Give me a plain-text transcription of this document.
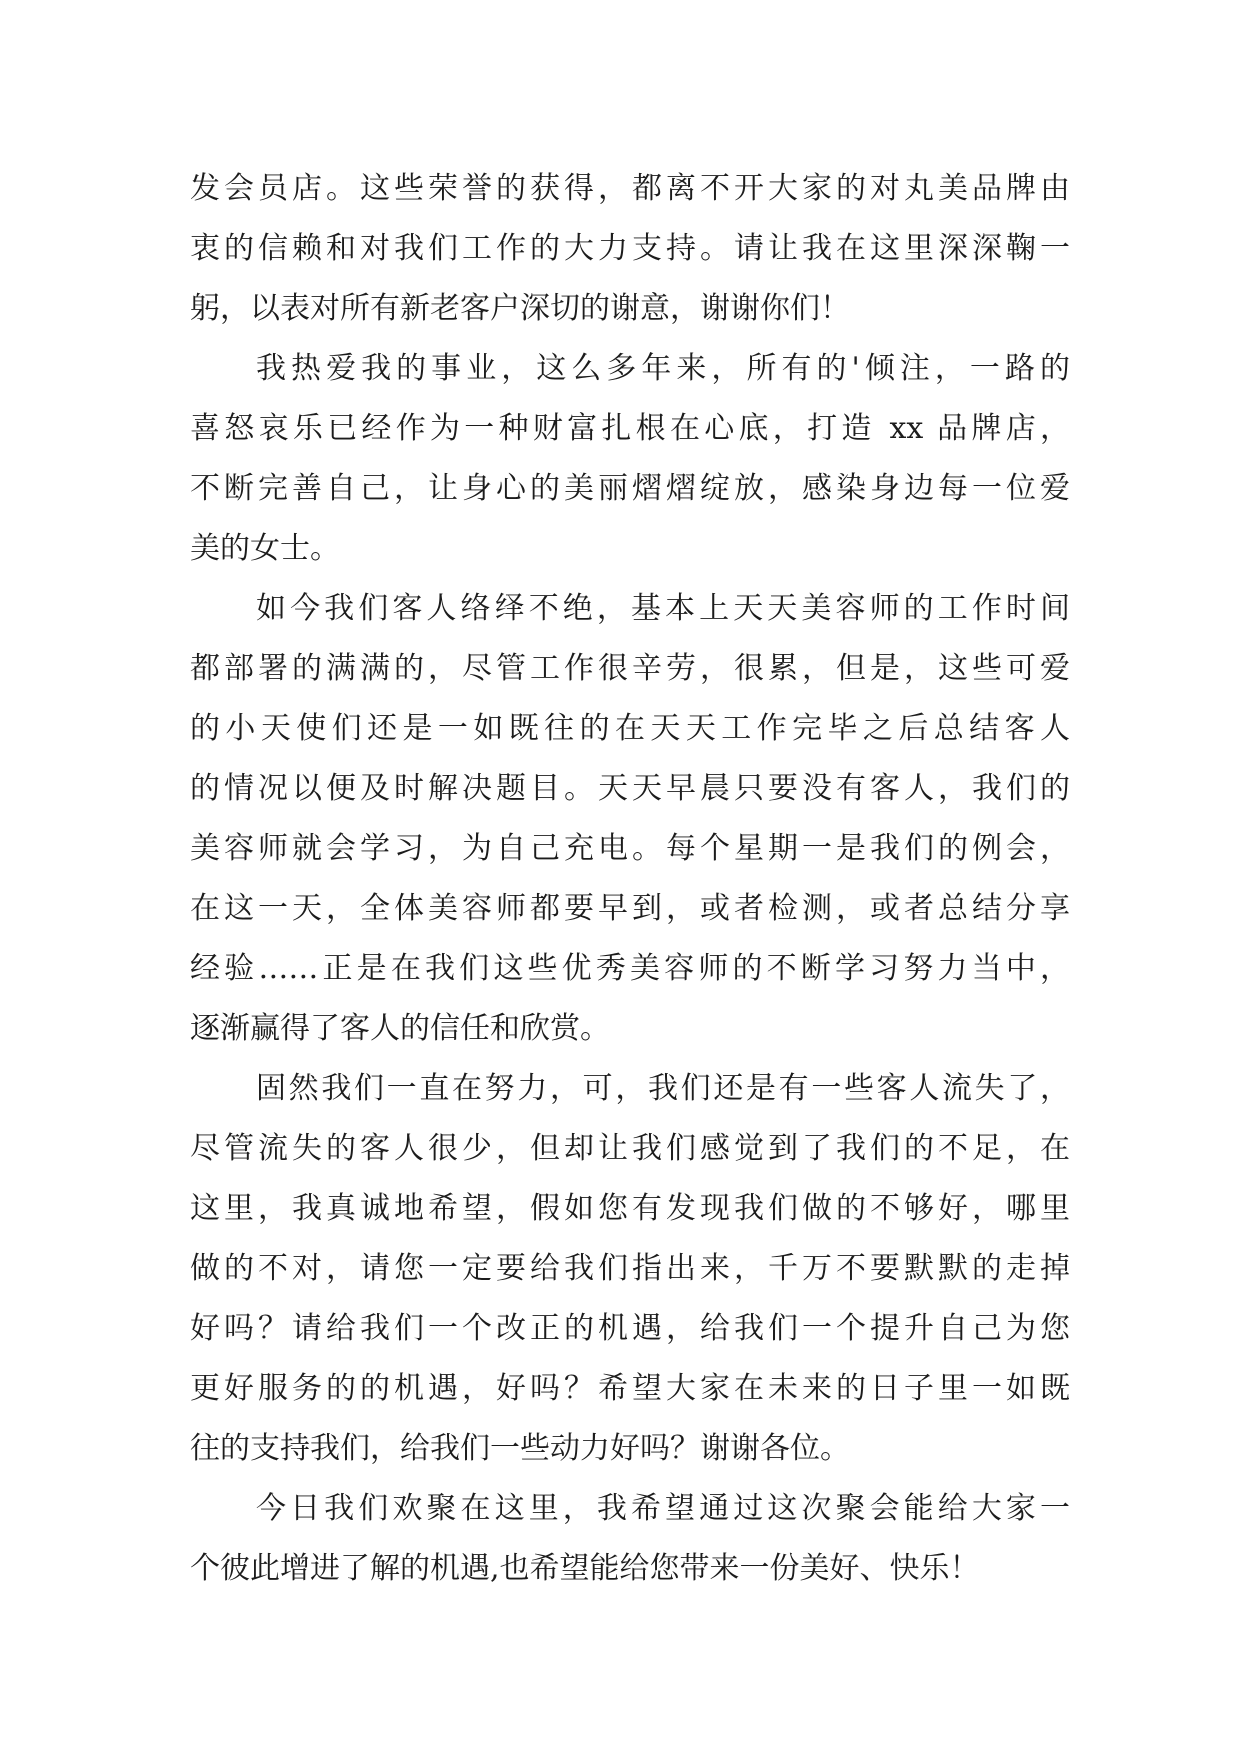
发会员店。这些荣誉的获得，都离不开大家的对丸美品牌由
衷的信赖和对我们工作的大力支持。请让我在这里深深鞠一
躬，以表对所有新老客户深切的谢意，谢谢你们！
我热爱我的事业，这么多年来，所有的'倾注，一路的
喜怒哀乐已经作为一种财富扎根在心底，打造 xx 品牌店，
不断完善自己，让身心的美丽熠熠绽放，感染身边每一位爱
美的女士。
如今我们客人络绎不绝，基本上天天美容师的工作时间
都部署的满满的，尽管工作很辛劳，很累，但是，这些可爱
的小天使们还是一如既往的在天天工作完毕之后总结客人
的情况以便及时解决题目。天天早晨只要没有客人，我们的
美容师就会学习，为自己充电。每个星期一是我们的例会，
在这一天，全体美容师都要早到，或者检测，或者总结分享
经验……正是在我们这些优秀美容师的不断学习努力当中，
逐渐赢得了客人的信任和欣赏。
固然我们一直在努力，可，我们还是有一些客人流失了，
尽管流失的客人很少，但却让我们感觉到了我们的不足，在
这里，我真诚地希望，假如您有发现我们做的不够好，哪里
做的不对，请您一定要给我们指出来，千万不要默默的走掉
好吗？请给我们一个改正的机遇，给我们一个提升自己为您
更好服务的的机遇，好吗？希望大家在未来的日子里一如既
往的支持我们，给我们一些动力好吗？谢谢各位。
今日我们欢聚在这里，我希望通过这次聚会能给大家一
个彼此增进了解的机遇,也希望能给您带来一份美好、快乐！
